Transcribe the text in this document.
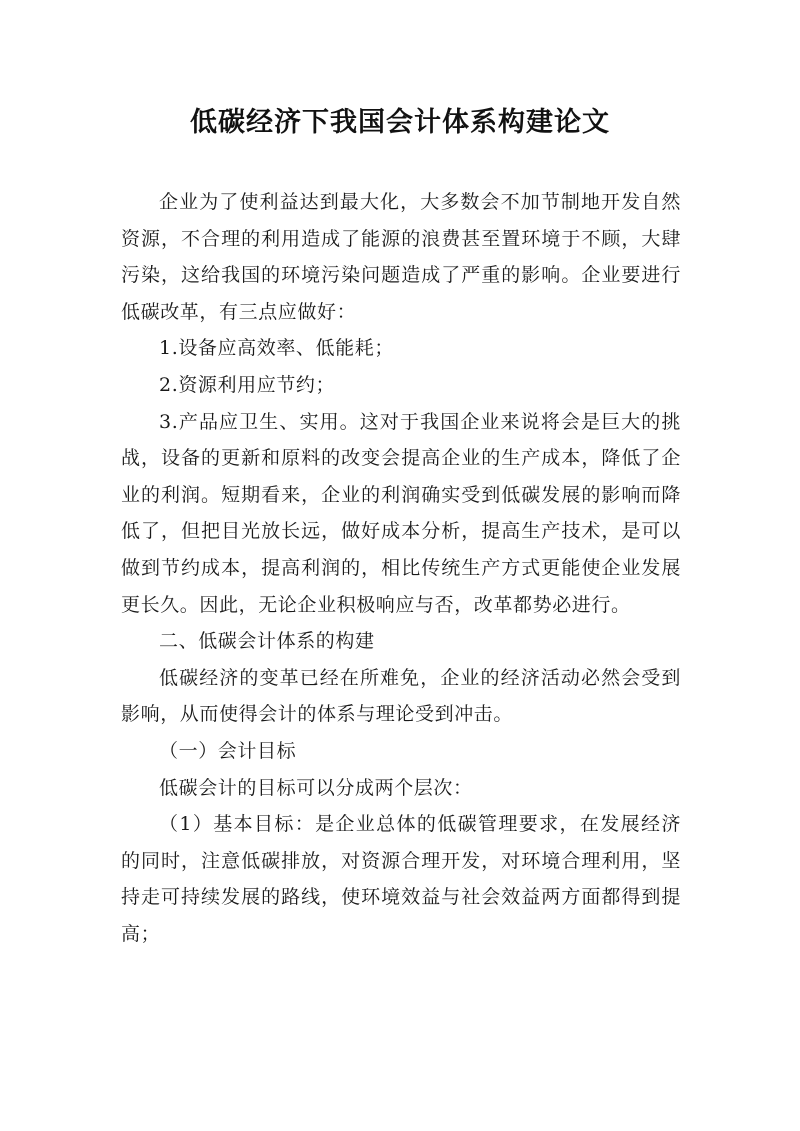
低碳经济下我国会计体系构建论文

企业为了使利益达到最大化，大多数会不加节制地开发自然资源，不合理的利用造成了能源的浪费甚至置环境于不顾，大肆污染，这给我国的环境污染问题造成了严重的影响。企业要进行低碳改革，有三点应做好：

1.设备应高效率、低能耗；

2.资源利用应节约；

3.产品应卫生、实用。这对于我国企业来说将会是巨大的挑战，设备的更新和原料的改变会提高企业的生产成本，降低了企业的利润。短期看来，企业的利润确实受到低碳发展的影响而降低了，但把目光放长远，做好成本分析，提高生产技术，是可以做到节约成本，提高利润的，相比传统生产方式更能使企业发展更长久。因此，无论企业积极响应与否，改革都势必进行。

二、低碳会计体系的构建

低碳经济的变革已经在所难免，企业的经济活动必然会受到影响，从而使得会计的体系与理论受到冲击。

（一）会计目标

低碳会计的目标可以分成两个层次：

（1）基本目标：是企业总体的低碳管理要求，在发展经济的同时，注意低碳排放，对资源合理开发，对环境合理利用，坚持走可持续发展的路线，使环境效益与社会效益两方面都得到提高；
